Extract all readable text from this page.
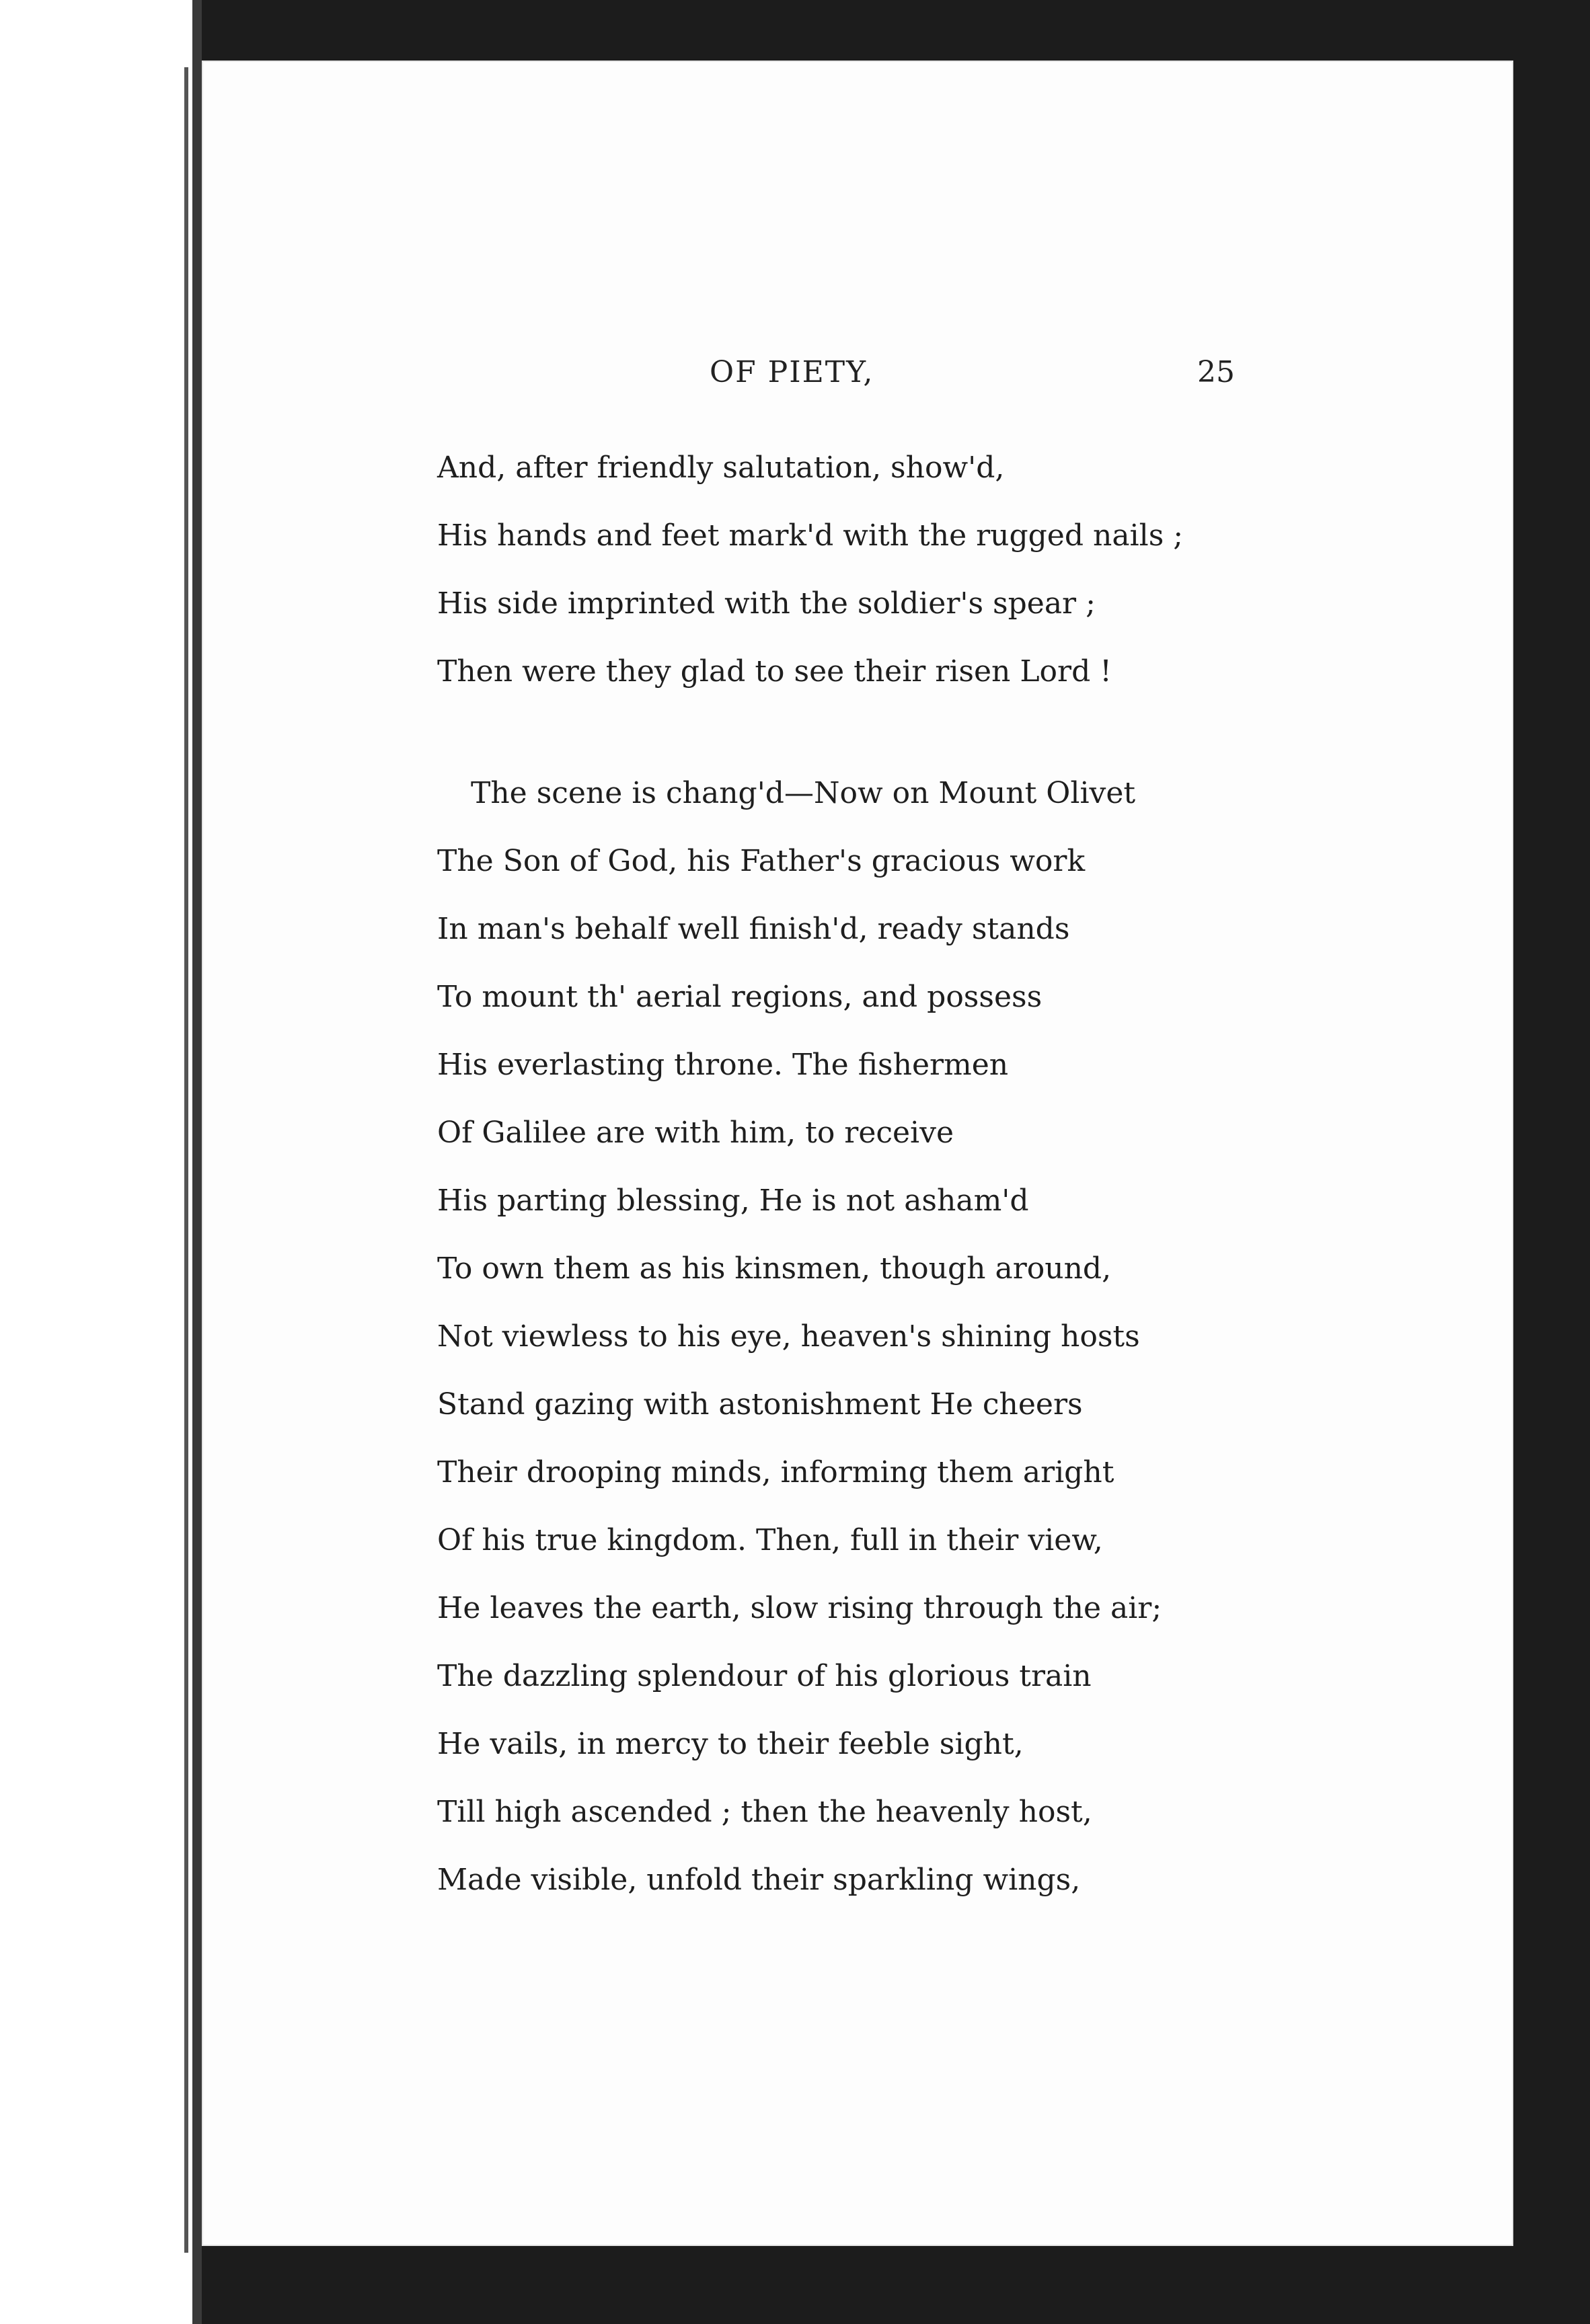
OF PIETY,	25
And, after friendly salutation, show'd,
His hands and feet mark'd with the rugged nails ;
His side imprinted with the soldier's spear ;
Then were they glad to see their risen Lord !
The scene is chang'd—Now on Mount Olivet
The Son of God, his Father's gracious work
In man's behalf well finish'd, ready stands
To mount th' aerial regions, and possess
His everlasting throne. The fishermen
Of Galilee are with him, to receive
His parting blessing, He is not asham'd
To own them as his kinsmen, though around,
Not viewless to his eye, heaven's shining hosts
Stand gazing with astonishment He cheers
Their drooping minds, informing them aright
Of his true kingdom. Then, full in their view,
He leaves the earth, slow rising through the air;
The dazzling splendour of his glorious train
He vails, in mercy to their feeble sight,
Till high ascended ; then the heavenly host,
Made visible, unfold their sparkling wings,
